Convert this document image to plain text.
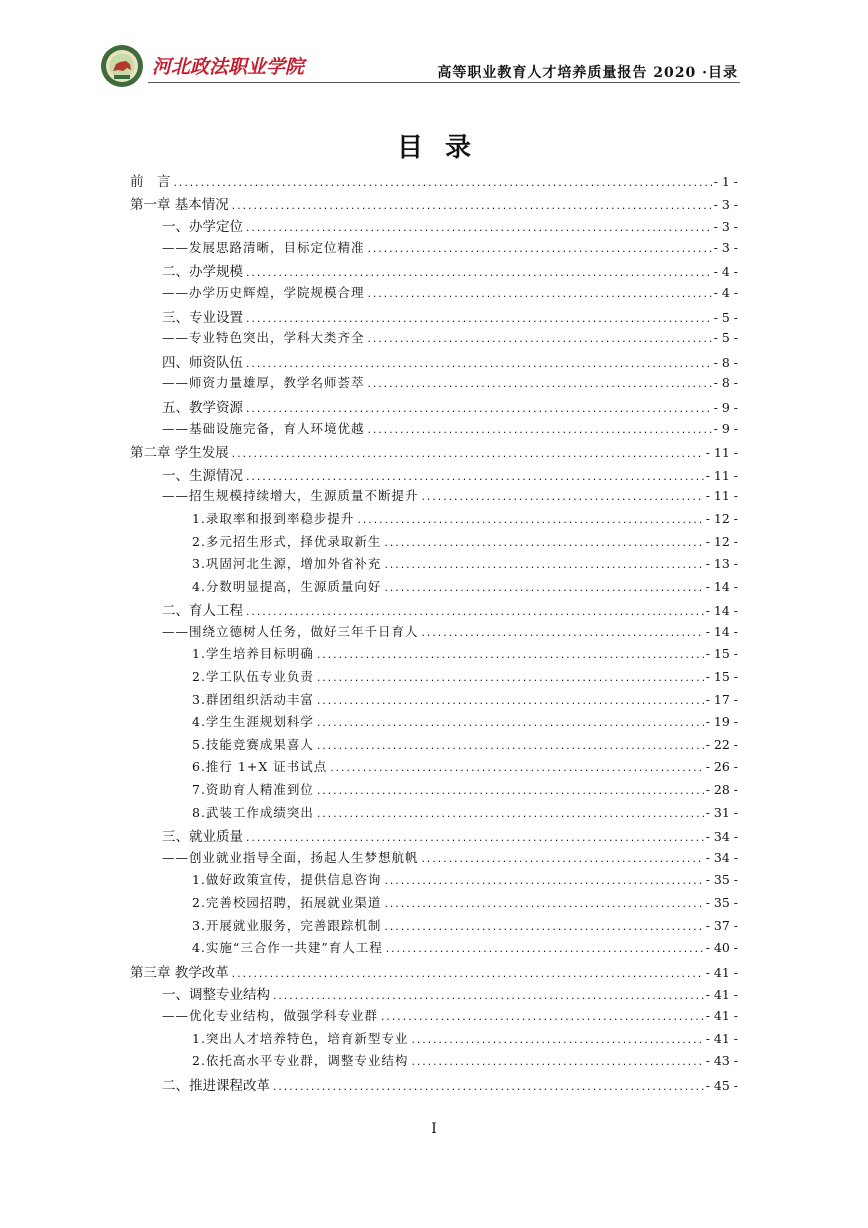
河北政法职业学院	高等职业教育人才培养质量报告 2020 ·目录
目录
前　言 .....	- 1 -
第一章 基本情况 .....	- 3 -
一、办学定位 .....	- 3 -
——发展思路清晰，目标定位精准 .....	- 3 -
二、办学规模 .....	- 4 -
——办学历史辉煌，学院规模合理 .....	- 4 -
三、专业设置 .....	- 5 -
——专业特色突出，学科大类齐全 .....	- 5 -
四、师资队伍 .....	- 8 -
——师资力量雄厚，教学名师荟萃 .....	- 8 -
五、教学资源 .....	- 9 -
——基础设施完备，育人环境优越 .....	- 9 -
第二章 学生发展 .....	- 11 -
一、生源情况 .....	- 11 -
——招生规模持续增大，生源质量不断提升 .....	- 11 -
1.录取率和报到率稳步提升 .....	- 12 -
2.多元招生形式，择优录取新生 .....	- 12 -
3.巩固河北生源，增加外省补充 .....	- 13 -
4.分数明显提高，生源质量向好 .....	- 14 -
二、育人工程 .....	- 14 -
——围绕立德树人任务，做好三年千日育人 .....	- 14 -
1.学生培养目标明确 .....	- 15 -
2.学工队伍专业负责 .....	- 15 -
3.群团组织活动丰富 .....	- 17 -
4.学生生涯规划科学 .....	- 19 -
5.技能竞赛成果喜人 .....	- 22 -
6.推行 1+X 证书试点 .....	- 26 -
7.资助育人精准到位 .....	- 28 -
8.武装工作成绩突出 .....	- 31 -
三、就业质量 .....	- 34 -
——创业就业指导全面，扬起人生梦想航帆 .....	- 34 -
1.做好政策宣传，提供信息咨询 .....	- 35 -
2.完善校园招聘，拓展就业渠道 .....	- 35 -
3.开展就业服务，完善跟踪机制 .....	- 37 -
4.实施“三合作一共建”育人工程 .....	- 40 -
第三章 教学改革 .....	- 41 -
一、调整专业结构 .....	- 41 -
——优化专业结构，做强学科专业群 .....	- 41 -
1.突出人才培养特色，培育新型专业 .....	- 41 -
2.依托高水平专业群，调整专业结构 .....	- 43 -
二、推进课程改革 .....	- 45 -
I
